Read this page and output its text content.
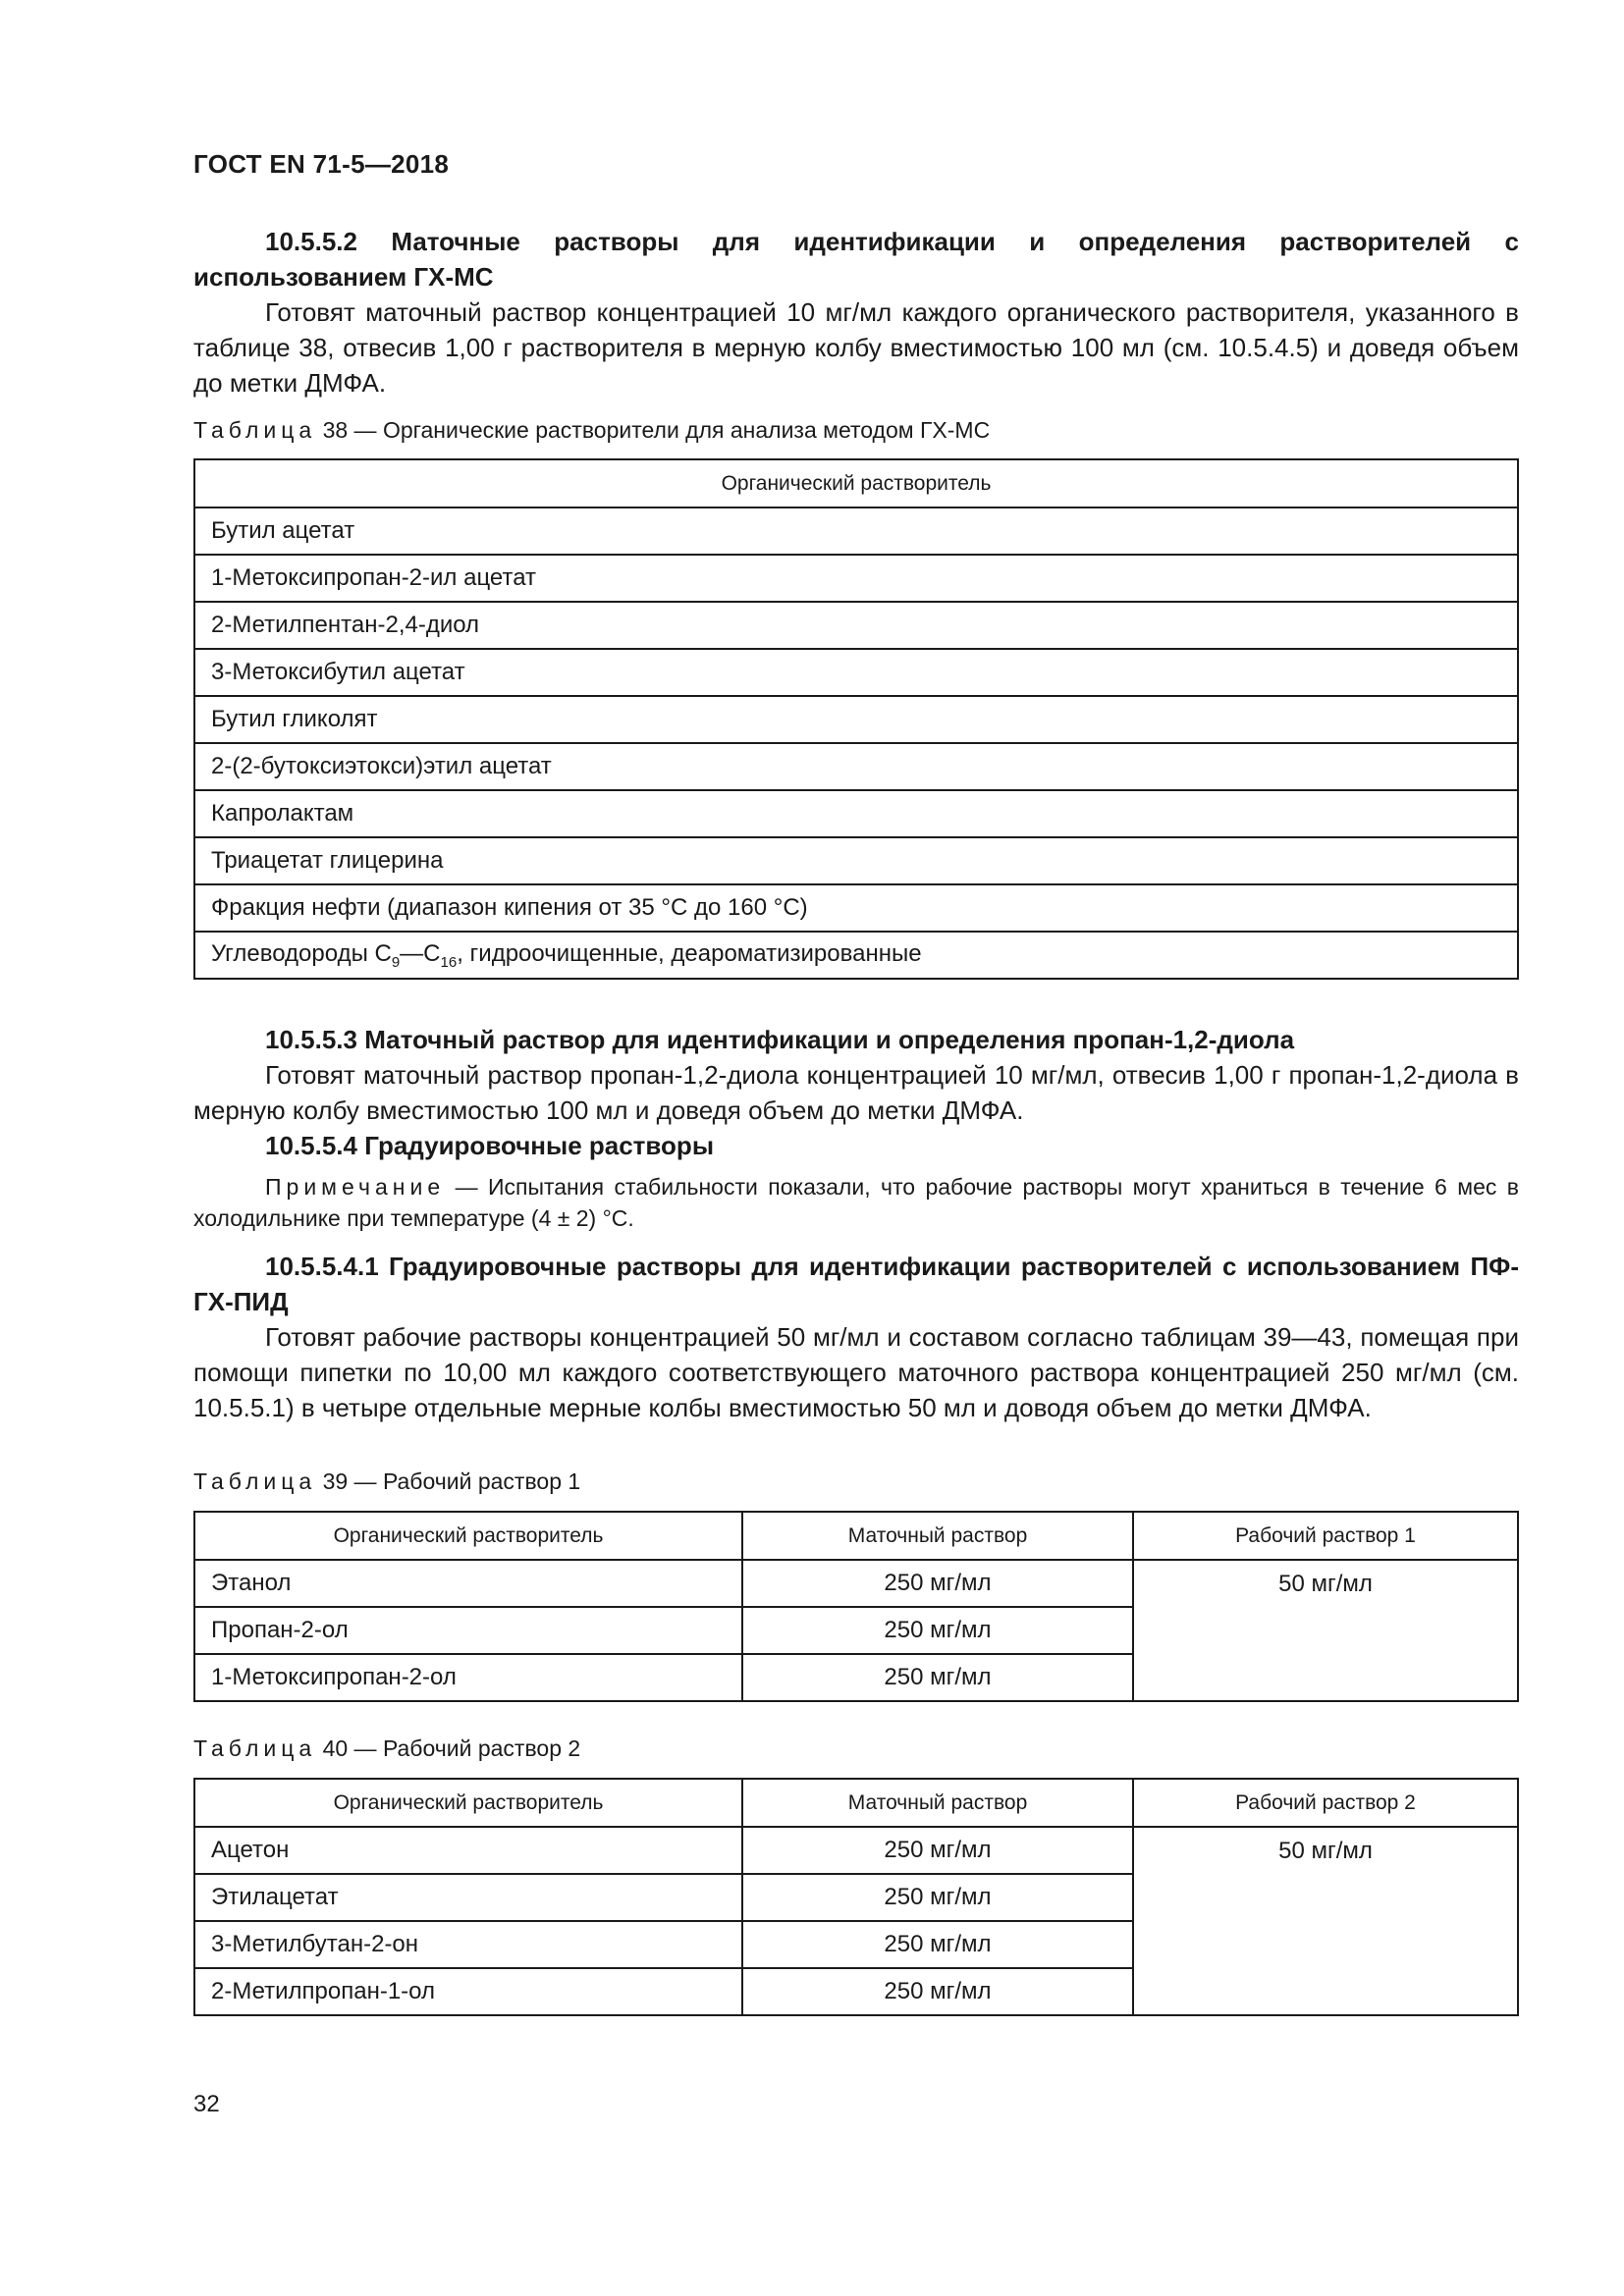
ГОСТ EN 71-5—2018
10.5.5.2 Маточные растворы для идентификации и определения растворителей с использованием ГХ-МС
Готовят маточный раствор концентрацией 10 мг/мл каждого органического растворителя, указанного в таблице 38, отвесив 1,00 г растворителя в мерную колбу вместимостью 100 мл (см. 10.5.4.5) и доведя объем до метки ДМФА.
Таблица 38 — Органические растворители для анализа методом ГХ-МС
Органический растворитель
Бутил ацетат
1-Метоксипропан-2-ил ацетат
2-Метилпентан-2,4-диол
3-Метоксибутил ацетат
Бутил гликолят
2-(2-бутоксиэтокси)этил ацетат
Капролактам
Триацетат глицерина
Фракция нефти (диапазон кипения от 35 °С до 160 °С)
Углеводороды $С_9—С_{16}$, гидроочищенные, деароматизированные
10.5.5.3 Маточный раствор для идентификации и определения пропан-1,2-диола
Готовят маточный раствор пропан-1,2-диола концентрацией 10 мг/мл, отвесив 1,00 г пропан-1,2-диола в мерную колбу вместимостью 100 мл и доведя объем до метки ДМФА.
10.5.5.4 Градуировочные растворы
Примечание — Испытания стабильности показали, что рабочие растворы могут храниться в течение 6 мес в холодильнике при температуре (4 ± 2) °С.
10.5.5.4.1 Градуировочные растворы для идентификации растворителей с использованием ПФ-ГХ-ПИД
Готовят рабочие растворы концентрацией 50 мг/мл и составом согласно таблицам 39—43, помещая при помощи пипетки по 10,00 мл каждого соответствующего маточного раствора концентрацией 250 мг/мл (см. 10.5.5.1) в четыре отдельные мерные колбы вместимостью 50 мл и доводя объем до метки ДМФА.
Таблица 39 — Рабочий раствор 1
Органический растворитель	Маточный раствор	Рабочий раствор 1
Этанол	250 мг/мл	50 мг/мл
Пропан-2-ол	250 мг/мл	
1-Метоксипропан-2-ол	250 мг/мл	
Таблица 40 — Рабочий раствор 2
Органический растворитель	Маточный раствор	Рабочий раствор 2
Ацетон	250 мг/мл	50 мг/мл
Этилацетат	250 мг/мл	
3-Метилбутан-2-он	250 мг/мл	
2-Метилпропан-1-ол	250 мг/мл	
32
